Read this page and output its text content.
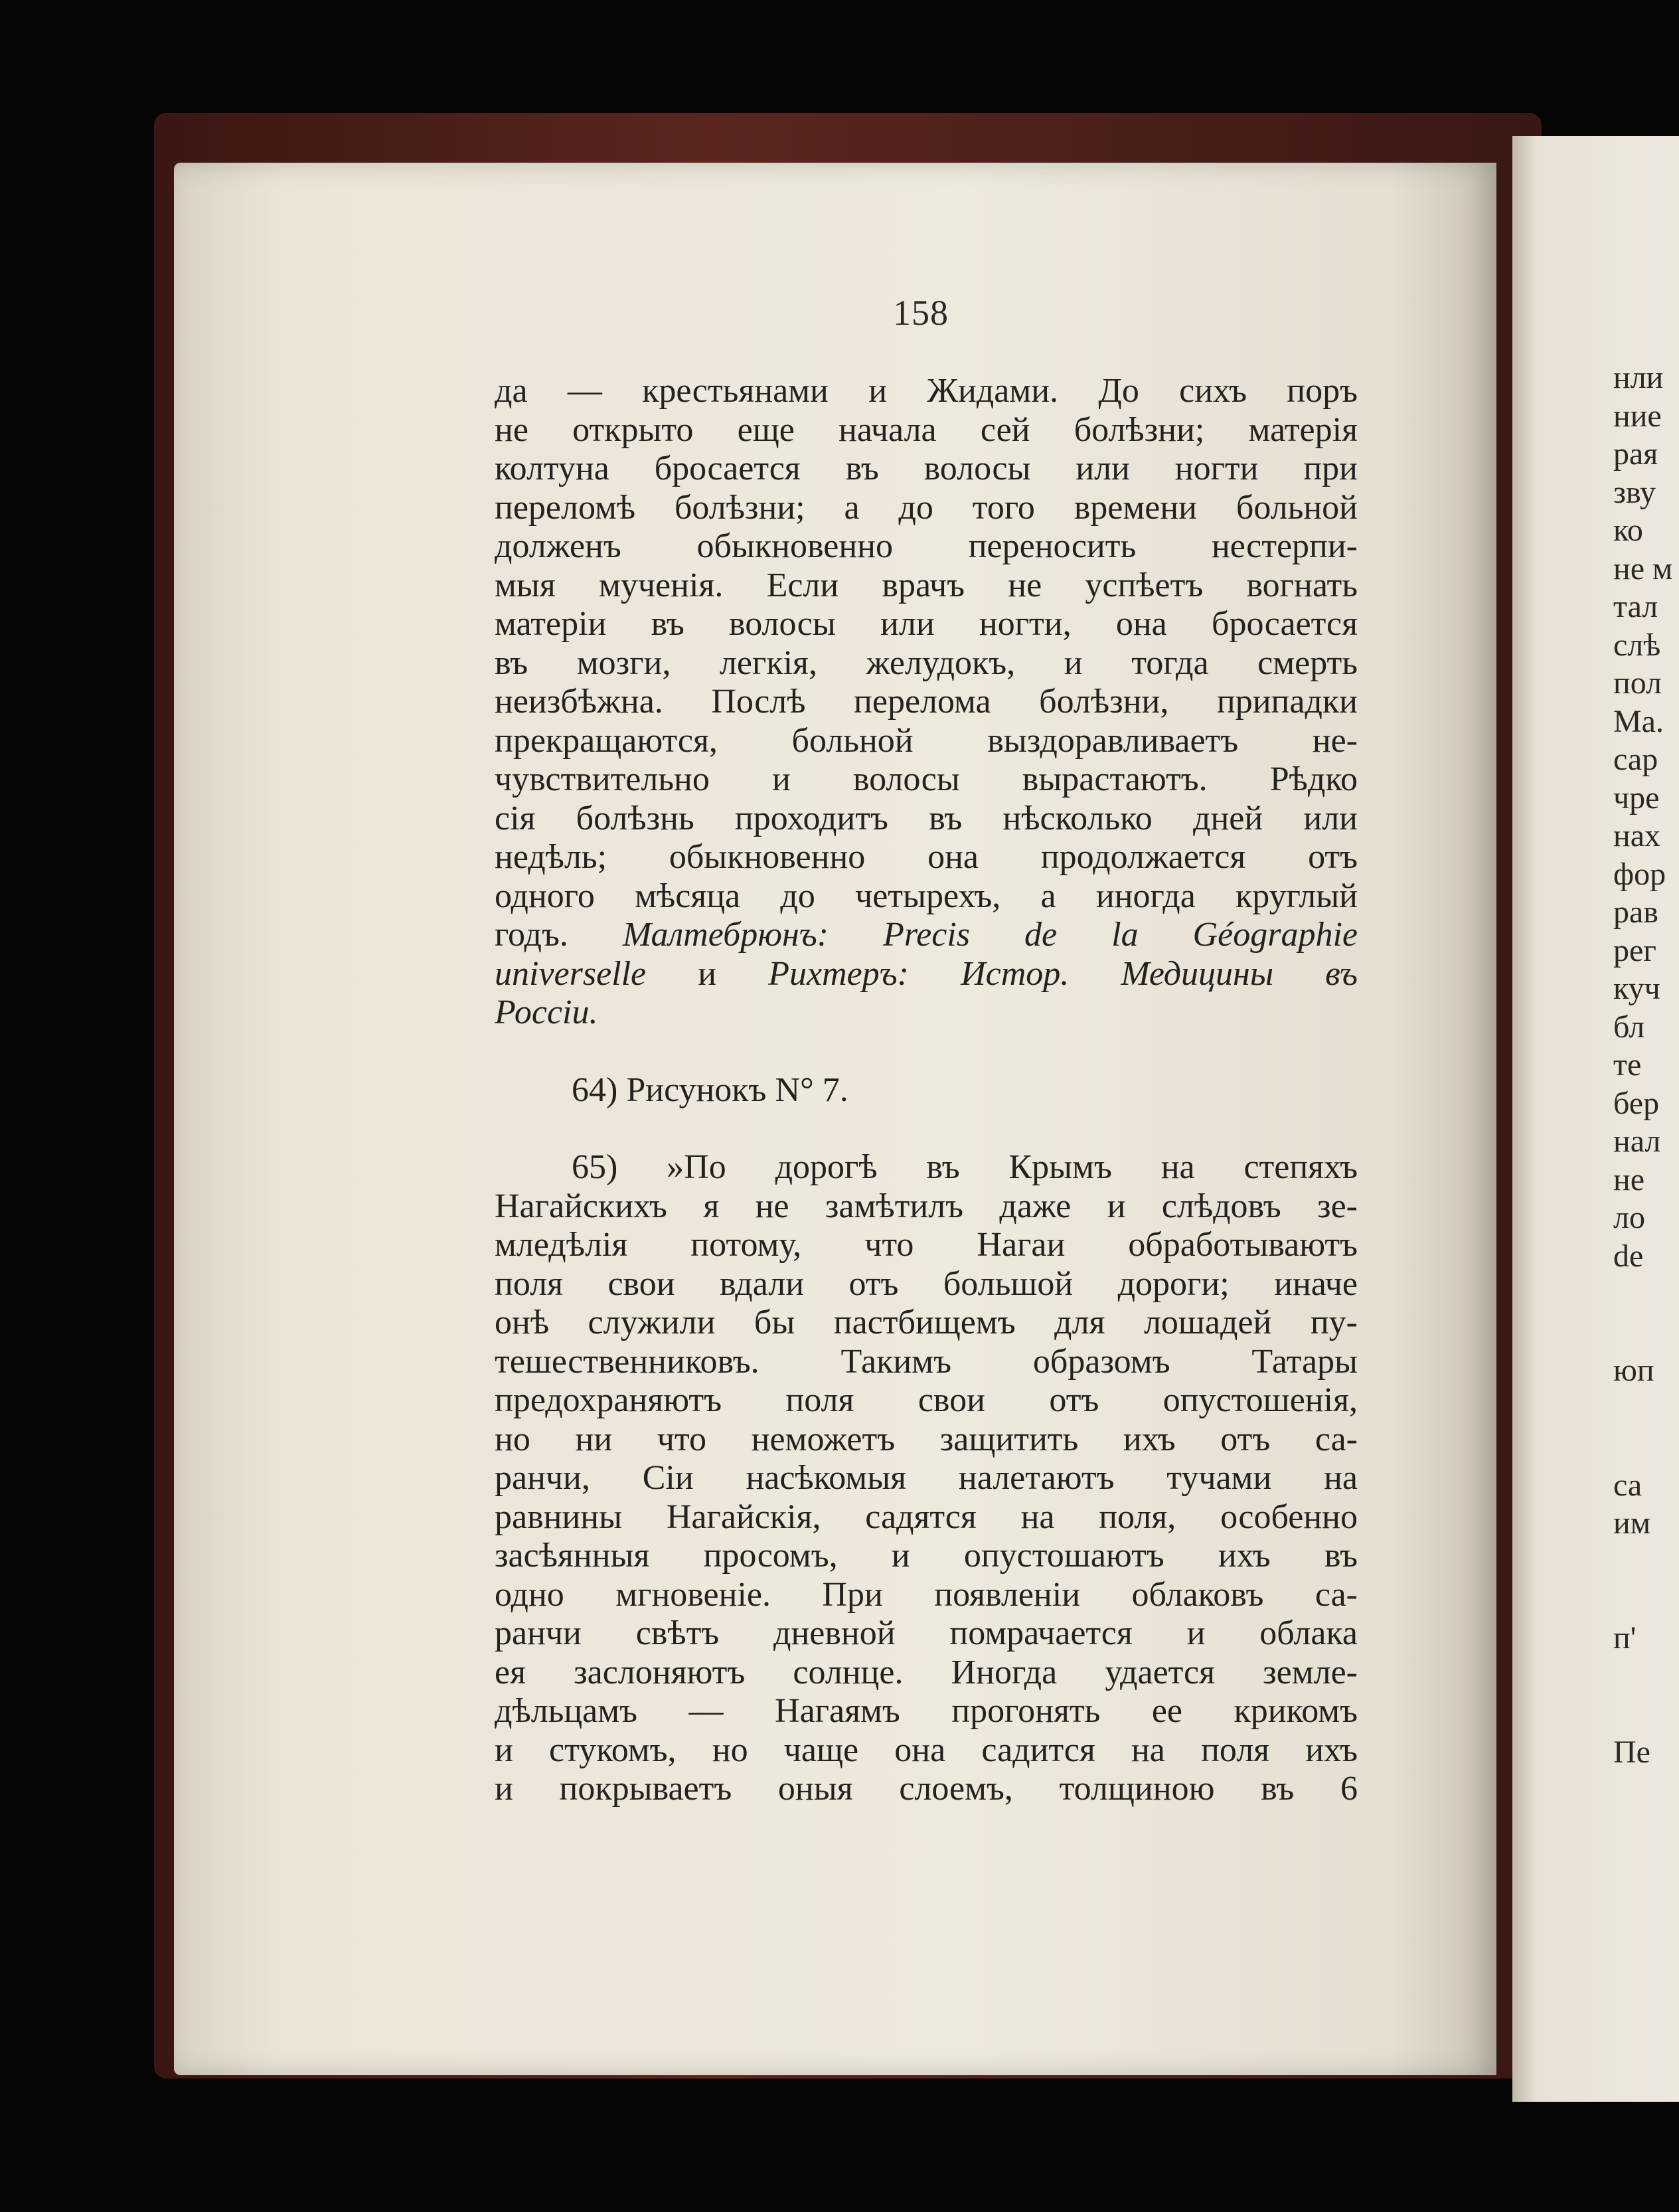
158
да — крестьянами и Жидами. До сихъ поръ
не открыто еще начала сей болѣзни; матерія
колтуна бросается въ волосы или ногти при
переломѣ болѣзни; а до того времени больной
долженъ обыкновенно переносить нестерпи-
мыя мученія. Если врачъ не успѣетъ вогнать
матеріи въ волосы или ногти, она бросается
въ мозги, легкія, желудокъ, и тогда смерть
неизбѣжна. Послѣ перелома болѣзни, припадки
прекращаются, больной выздоравливаетъ не-
чувствительно и волосы вырастаютъ. Рѣдко
сія болѣзнь проходитъ въ нѣсколько дней или
недѣль; обыкновенно она продолжается отъ
одного мѣсяца до четырехъ, а иногда круглый
годъ. Малтебрюнъ: Precis de la Géographie
universelle и Рихтеръ: Истор. Медицины въ
Россіи.
64) Рисунокъ N° 7.
65) »По дорогѣ въ Крымъ на степяхъ
Нагайскихъ я не замѣтилъ даже и слѣдовъ зе-
мледѣлія потому, что Нагаи обработываютъ
поля свои вдали отъ большой дороги; иначе
онѣ служили бы пастбищемъ для лошадей пу-
тешественниковъ. Такимъ образомъ Татары
предохраняютъ поля свои отъ опустошенія,
но ни что неможетъ защитить ихъ отъ са-
ранчи, Сіи насѣкомыя налетаютъ тучами на
равнины Нагайскія, садятся на поля, особенно
засѣянныя просомъ, и опустошаютъ ихъ въ
одно мгновеніе. При появленіи облаковъ са-
ранчи свѣтъ дневной помрачается и облака
ея заслоняютъ солнце. Иногда удается земле-
дѣльцамъ — Нагаямъ прогонять ее крикомъ
и стукомъ, но чаще она садится на поля ихъ
и покрываетъ оныя слоемъ, толщиною въ 6
нли
ние
рая
зву
ко
не м
тал
слѣ
пол
Ма.
сар
чре
нах
фор
рав
рег
куч
бл
те
бер
нал
не
ло
de
юп
са
им
п'
Пе
